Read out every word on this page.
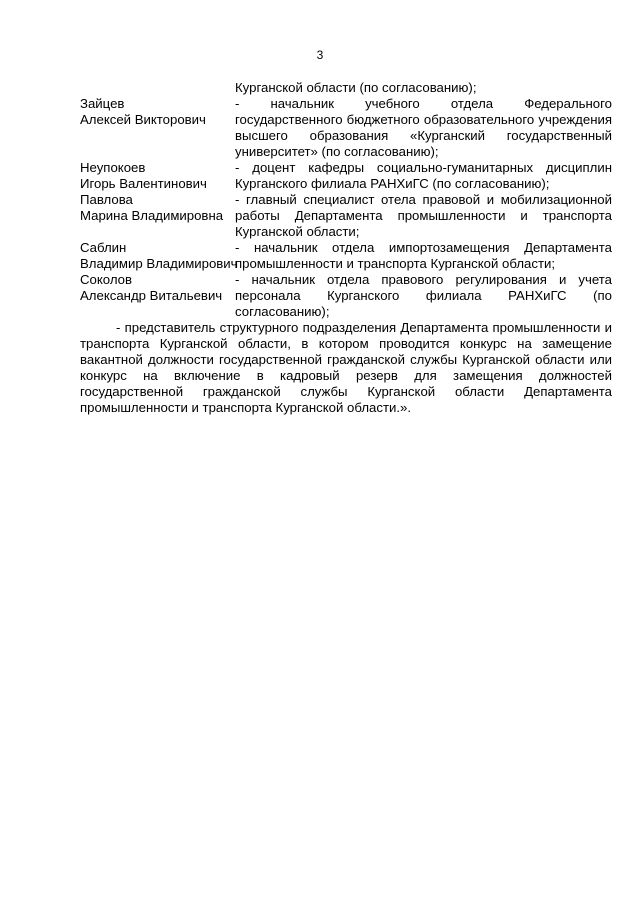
3
Курганской области (по согласованию);
Зайцев
Алексей Викторович
- начальник учебного отдела Федерального государственного бюджетного образовательного учреждения высшего образования «Курганский государственный университет» (по согласованию);
Неупокоев
Игорь Валентинович
- доцент кафедры социально-гуманитарных дисциплин Курганского филиала РАНХиГС (по согласованию);
Павлова
Марина Владимировна
- главный специалист отела правовой и мобилизационной работы Департамента промышленности и транспорта Курганской области;
Саблин
Владимир Владимирович
- начальник отдела импортозамещения Департамента промышленности и транспорта Курганской области;
Соколов
Александр Витальевич
- начальник отдела правового регулирования и учета персонала Курганского филиала РАНХиГС (по согласованию);

- представитель структурного подразделения Департамента промышленности и транспорта Курганской области, в котором проводится конкурс на замещение вакантной должности государственной гражданской службы Курганской области или конкурс на включение в кадровый резерв для замещения должностей государственной гражданской службы Курганской области Департамента промышленности и транспорта Курганской области.».
